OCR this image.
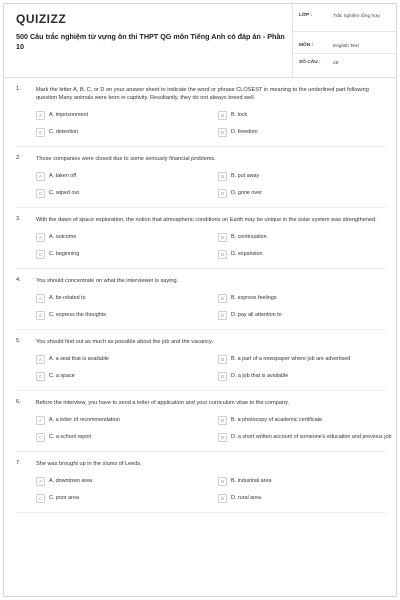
QUIZIZZ
500 Câu trắc nghiệm từ vựng ôn thi THPT QG môn Tiếng Anh có đáp án - Phần 10
LỚP :	Trắc nghiệm tổng hợp
MÔN :	English Test
SỐ CÂU :	25
1.	Mark the letter A, B, C, or D on your answer sheet to indicate the word or phrase CLOSEST in meaning to the underlined part following question Many animals were born in captivity. Resultantly, they do not always breed well.
A	A. imprisonment	B	B. lock
C	C. detention	D	D. freedom
2.	Those companies were closed due to some seriously financial problems.
A	A. taken off	B	B. put away
C	C. wiped out	D	D. gone over
3.	With the dawn of space exploration, the notion that atmospheric conditions on Earth may be unique in the solar system was strengthened.
A	A. outcome	B	B. continuation
C	C. beginning	D	D. expansion
4.	You should concentrate on what the interviewer is saying.
A	A. be related to	B	B. express feelings
C	C. express the thoughts	D	D. pay all attention to
5.	You should find out as much as possible about the job and the vacancy.
A	A. a seat that is available	B	B. a part of a newspaper where job are advertised
C	C. a space	D	D. a job that is available
6.	Before the interview, you have to send a letter of application and your curriculum vitae to the company.
A	A. a letter of recommendation	B	B. a photocopy of academic certificate
C	C. a school report	D	D. a short written account of someone's education and previous job
7.	She was brought up in the slums of Leeds.
A	A. downtown area	B	B. industrial area
C	C. poor area	D	D. rural area
